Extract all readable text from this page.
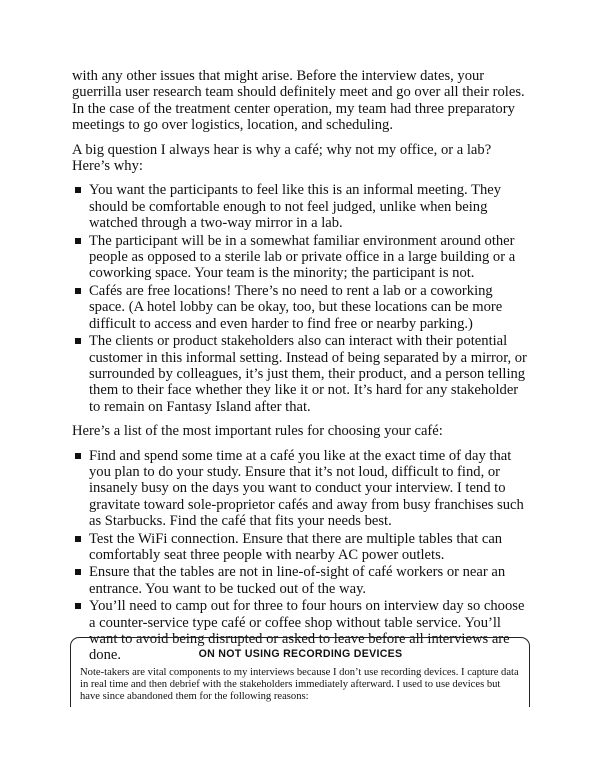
with any other issues that might arise. Before the interview dates, your guerrilla user research team should definitely meet and go over all their roles. In the case of the treatment center operation, my team had three preparatory meetings to go over logistics, location, and scheduling.

A big question I always hear is why a café; why not my office, or a lab? Here’s why:

You want the participants to feel like this is an informal meeting. They should be comfortable enough to not feel judged, unlike when being watched through a two-way mirror in a lab.
The participant will be in a somewhat familiar environment around other people as opposed to a sterile lab or private office in a large building or a coworking space. Your team is the minority; the participant is not.
Cafés are free locations! There’s no need to rent a lab or a coworking space. (A hotel lobby can be okay, too, but these locations can be more difficult to access and even harder to find free or nearby parking.)
The clients or product stakeholders also can interact with their potential customer in this informal setting. Instead of being separated by a mirror, or surrounded by colleagues, it’s just them, their product, and a person telling them to their face whether they like it or not. It’s hard for any stakeholder to remain on Fantasy Island after that.

Here’s a list of the most important rules for choosing your café:

Find and spend some time at a café you like at the exact time of day that you plan to do your study. Ensure that it’s not loud, difficult to find, or insanely busy on the days you want to conduct your interview. I tend to gravitate toward sole-proprietor cafés and away from busy franchises such as Starbucks. Find the café that fits your needs best.
Test the WiFi connection. Ensure that there are multiple tables that can comfortably seat three people with nearby AC power outlets.
Ensure that the tables are not in line-of-sight of café workers or near an entrance. You want to be tucked out of the way.
You’ll need to camp out for three to four hours on interview day so choose a counter-service type café or coffee shop without table service. You’ll want to avoid being disrupted or asked to leave before all interviews are done.	ON NOT USING RECORDING DEVICES

Note-takers are vital components to my interviews because I don’t use recording devices. I capture data in real time and then debrief with the stakeholders immediately afterward. I used to use devices but have since abandoned them for the following reasons:
